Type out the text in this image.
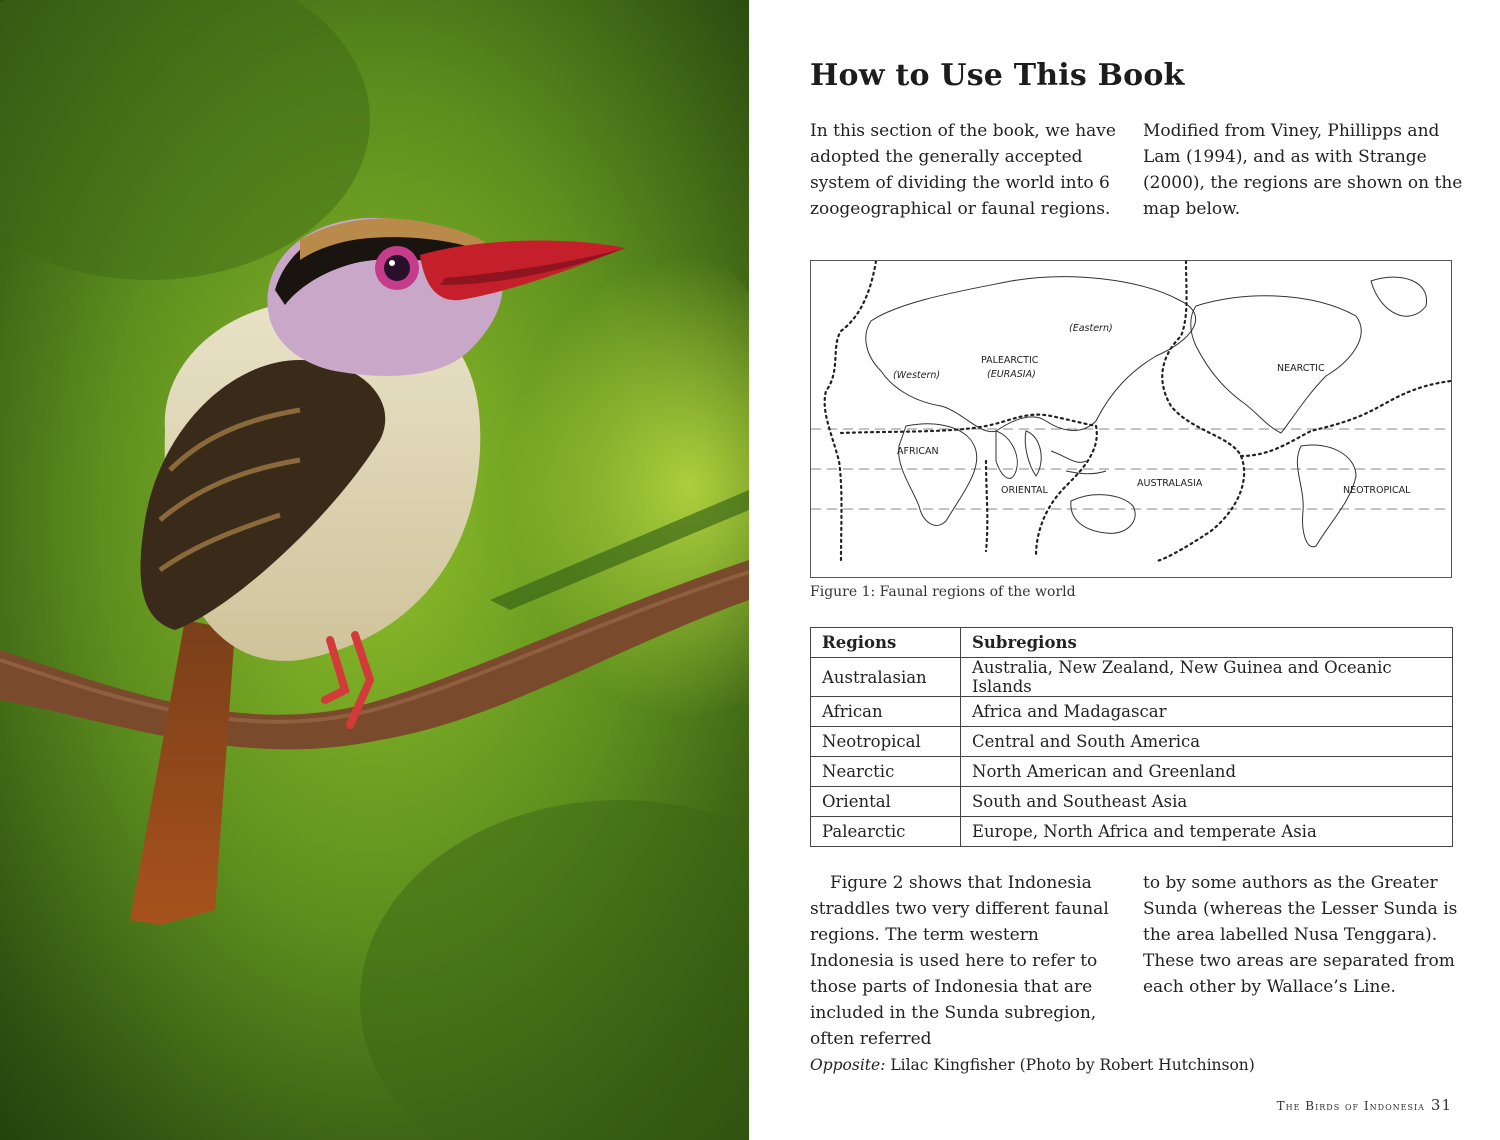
How to Use This Book
In this section of the book, we have adopted the generally accepted system of dividing the world into 6 zoogeographical or faunal regions.
Modified from Viney, Phillipps and Lam (1994), and as with Strange (2000), the regions are shown on the map below.
(Eastern)
PALEARCTIC
(EURASIA)
(Western)
NEARCTIC
AFRICAN
ORIENTAL
AUSTRALASIA
NEOTROPICAL
Figure 1: Faunal regions of the world
Regions	Subregions
Australasian	Australia, New Zealand, New Guinea and Oceanic Islands
African	Africa and Madagascar
Neotropical	Central and South America
Nearctic	North American and Greenland
Oriental	South and Southeast Asia
Palearctic	Europe, North Africa and temperate Asia
Figure 2 shows that Indonesia straddles two very different faunal regions. The term western Indonesia is used here to refer to those parts of Indonesia that are included in the Sunda subregion, often referred
to by some authors as the Greater Sunda (whereas the Lesser Sunda is the area labelled Nusa Tenggara). These two areas are separated from each other by Wallace’s Line.
Opposite: Lilac Kingfisher (Photo by Robert Hutchinson)
The Birds of Indonesia 31
